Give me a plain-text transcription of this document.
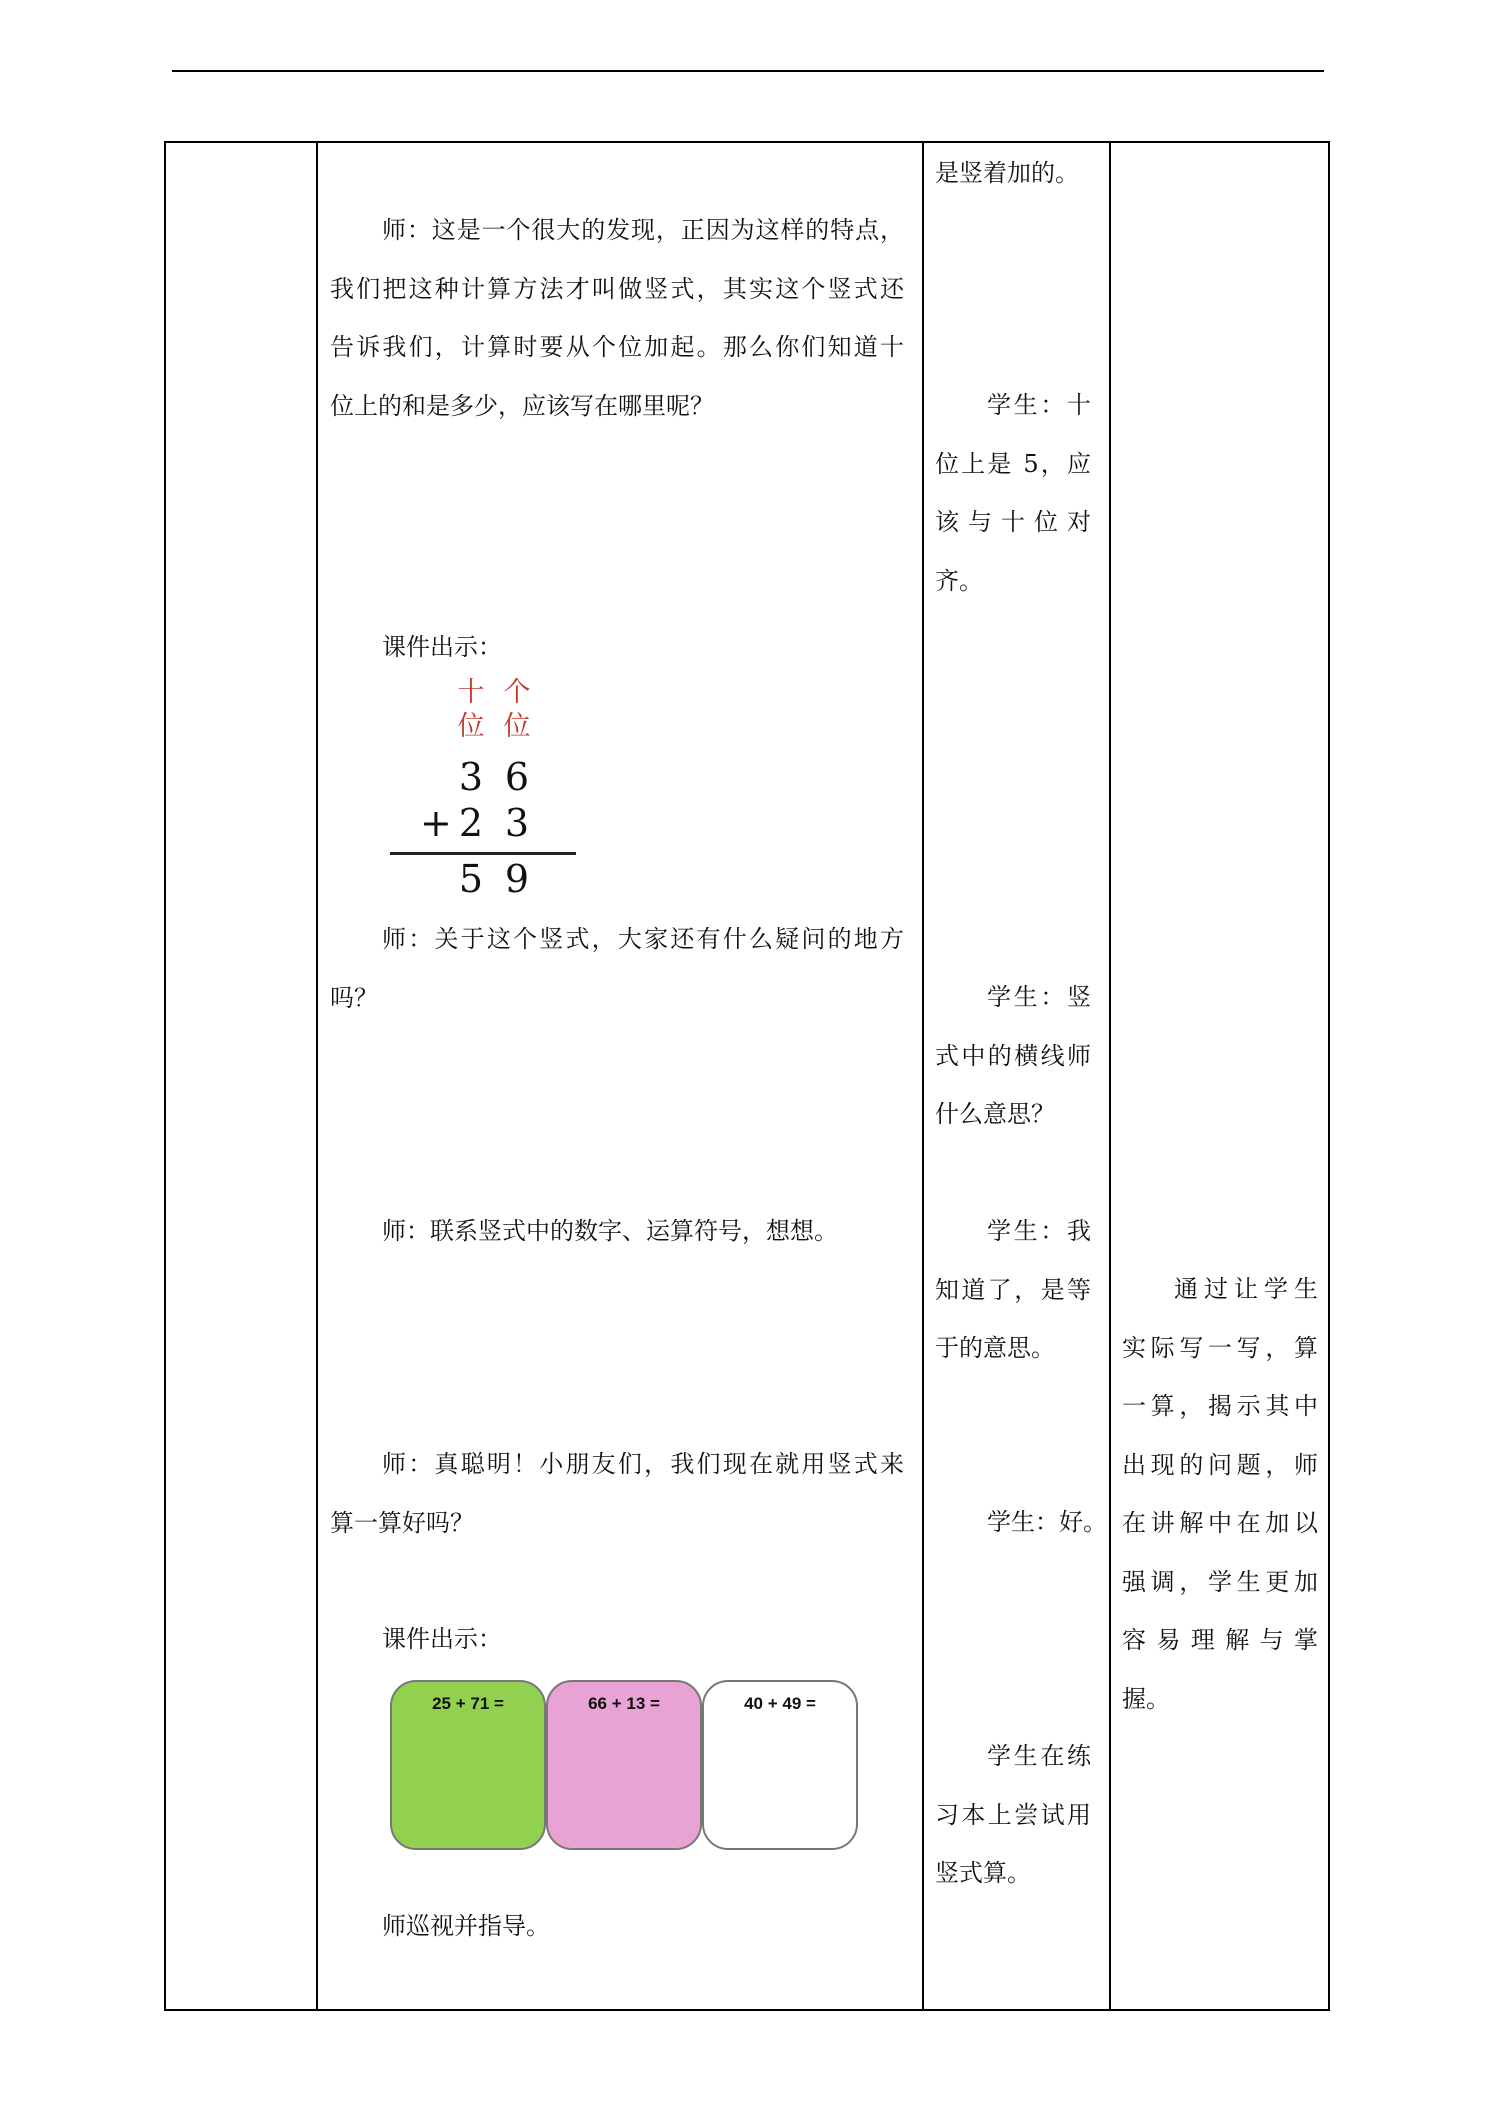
师：这是一个很大的发现，正因为这样的特点，
我们把这种计算方法才叫做竖式，其实这个竖式还
告诉我们，计算时要从个位加起。那么你们知道十
位上的和是多少，应该写在哪里呢？
课件出示：
十
位
个
位
3 6
+ 2 3
5 9
师：关于这个竖式，大家还有什么疑问的地方
吗？
师：联系竖式中的数字、运算符号，想想。
师：真聪明！小朋友们，我们现在就用竖式来
算一算好吗？
课件出示：
25 + 71 =	66 + 13 =	40 + 49 =
师巡视并指导。
是竖着加的。
学生：十
位上是 5，应
该 与 十 位 对
齐。
学生：竖
式中的横线师
什么意思？
学生：我
知道了，是等
于的意思。
学生：好。
学生在练
习本上尝试用
竖式算。
通过让学生
实际写一写，算
一算，揭示其中
出现的问题，师
在讲解中在加以
强调，学生更加
容 易 理 解 与 掌
握。
